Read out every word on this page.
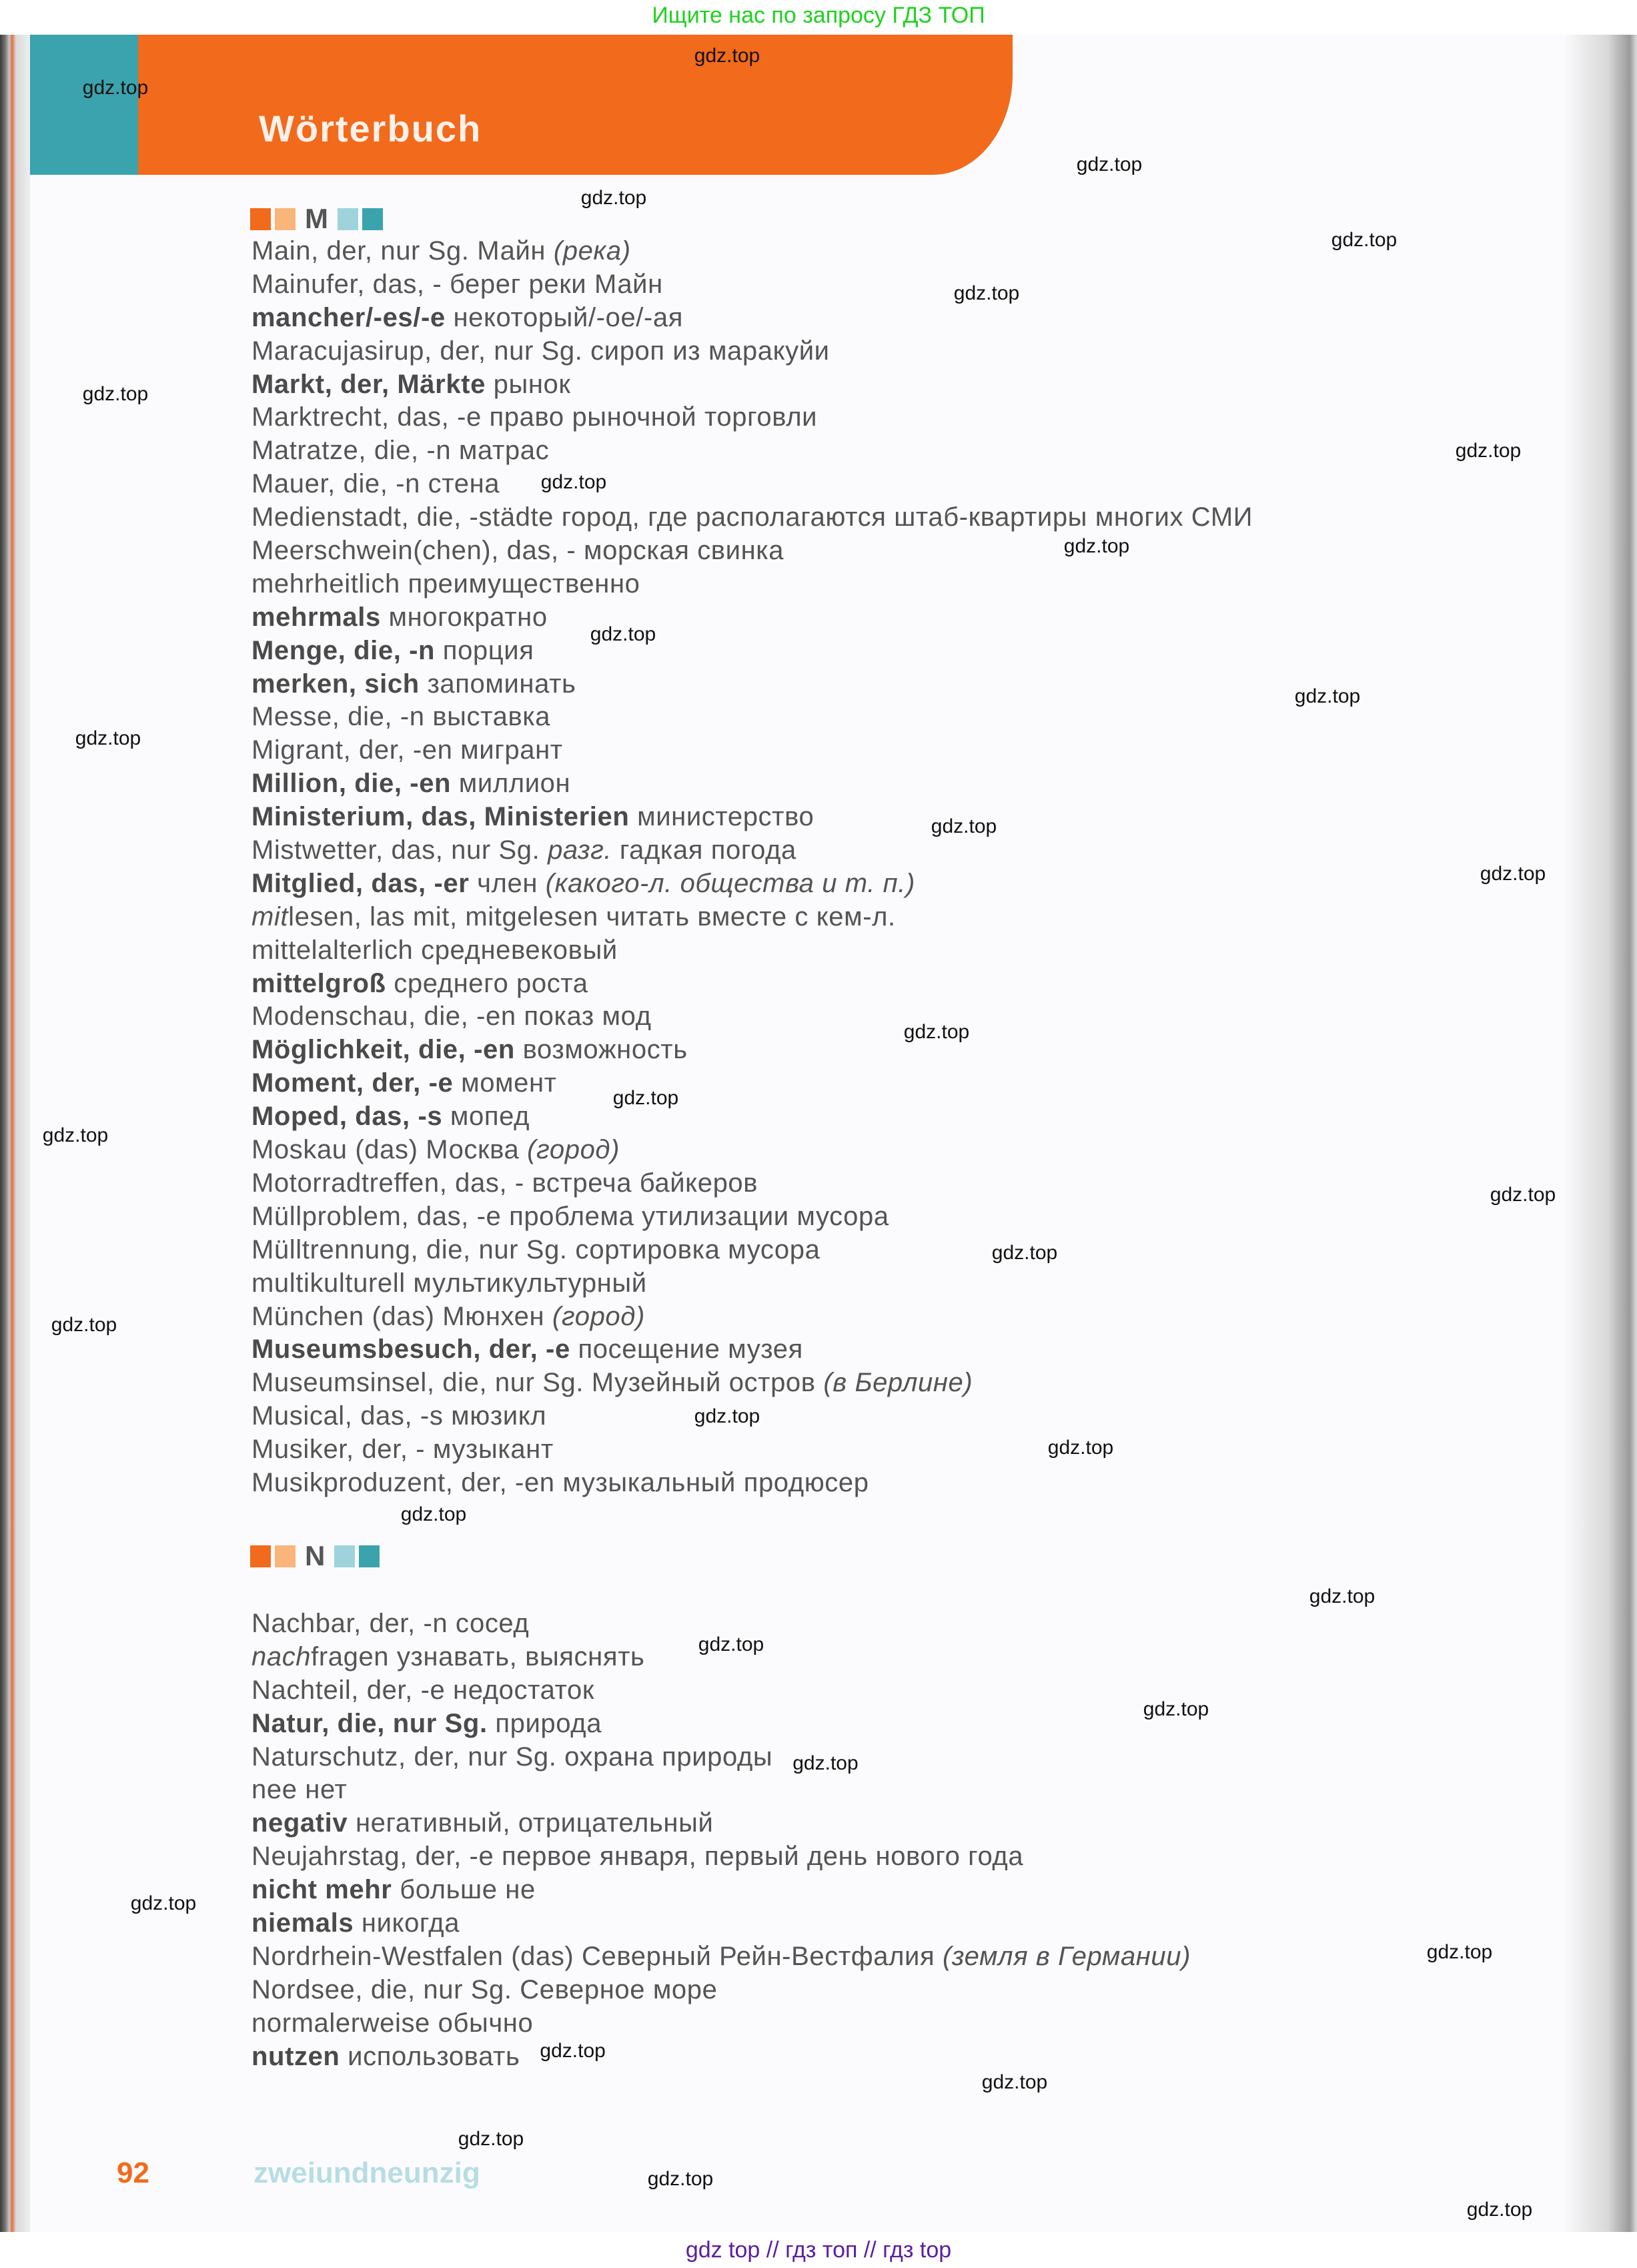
Ищите нас по запросу ГДЗ ТОП
Wörterbuch
M
Main, der, nur Sg. Майн (река)
Mainufer, das, - берег реки Майн
mancher/-es/-e некоторый/-ое/-ая
Maracujasirup, der, nur Sg. сироп из маракуйи
Markt, der, Märkte рынок
Marktrecht, das, -e право рыночной торговли
Matratze, die, -n матрас
Mauer, die, -n стена
Medienstadt, die, -städte город, где располагаются штаб-квартиры многих СМИ
Meerschwein(chen), das, - морская свинка
mehrheitlich преимущественно
mehrmals многократно
Menge, die, -n порция
merken, sich запоминать
Messe, die, -n выставка
Migrant, der, -en мигрант
Million, die, -en миллион
Ministerium, das, Ministerien министерство
Mistwetter, das, nur Sg. разг. гадкая погода
Mitglied, das, -er член (какого-л. общества и т. п.)
mitlesen, las mit, mitgelesen читать вместе с кем-л.
mittelalterlich средневековый
mittelgroß среднего роста
Modenschau, die, -en показ мод
Möglichkeit, die, -en возможность
Moment, der, -e момент
Moped, das, -s мопед
Moskau (das) Москва (город)
Motorradtreffen, das, - встреча байкеров
Müllproblem, das, -e проблема утилизации мусора
Mülltrennung, die, nur Sg. сортировка мусора
multikulturell мультикультурный
München (das) Мюнхен (город)
Museumsbesuch, der, -e посещение музея
Museumsinsel, die, nur Sg. Музейный остров (в Берлине)
Musical, das, -s мюзикл
Musiker, der, - музыкант
Musikproduzent, der, -en музыкальный продюсер
N
Nachbar, der, -n сосед
nachfragen узнавать, выяснять
Nachteil, der, -e недостаток
Natur, die, nur Sg. природа
Naturschutz, der, nur Sg. охрана природы
nee нет
negativ негативный, отрицательный
Neujahrstag, der, -e первое января, первый день нового года
nicht mehr больше не
niemals никогда
Nordrhein-Westfalen (das) Северный Рейн-Вестфалия (земля в Германии)
Nordsee, die, nur Sg. Северное море
normalerweise обычно
nutzen использовать
92	zweiundneunzig
gdz.top
gdz.top
gdz.top
gdz.top
gdz.top
gdz.top
gdz.top
gdz.top
gdz.top
gdz.top
gdz.top
gdz.top
gdz.top
gdz.top
gdz.top
gdz.top
gdz.top
gdz.top
gdz.top
gdz.top
gdz.top
gdz.top
gdz.top
gdz.top
gdz.top
gdz.top
gdz.top
gdz.top
gdz.top
gdz.top
gdz.top
gdz.top
gdz.top
gdz.top
gdz.top
gdz top // гдз топ // гдз top
